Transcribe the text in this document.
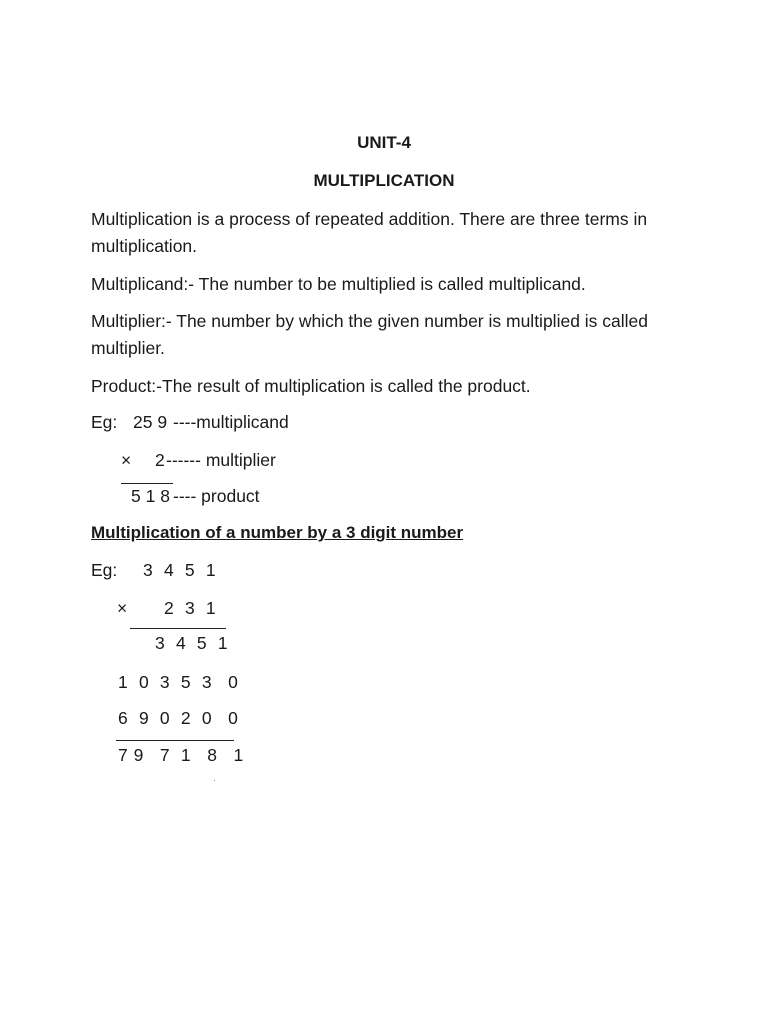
UNIT-4
MULTIPLICATION
Multiplication is a process of repeated addition. There are three terms in multiplication.
Multiplicand:- The number to be multiplied is called multiplicand.
Multiplier:- The number by which the given number is multiplied is called multiplier.
Product:-The result of multiplication is called the product.
Eg: 25 9 ----multiplicand
× 2 ------ multiplier
5 1 8 ---- product
Multiplication of a number by a 3 digit number
Eg: 3  4  5  1
× 2  3  1
3  4  5  1
1  0  3  5  3   0
6  9  0  2  0   0
7 9   7  1   8   1
